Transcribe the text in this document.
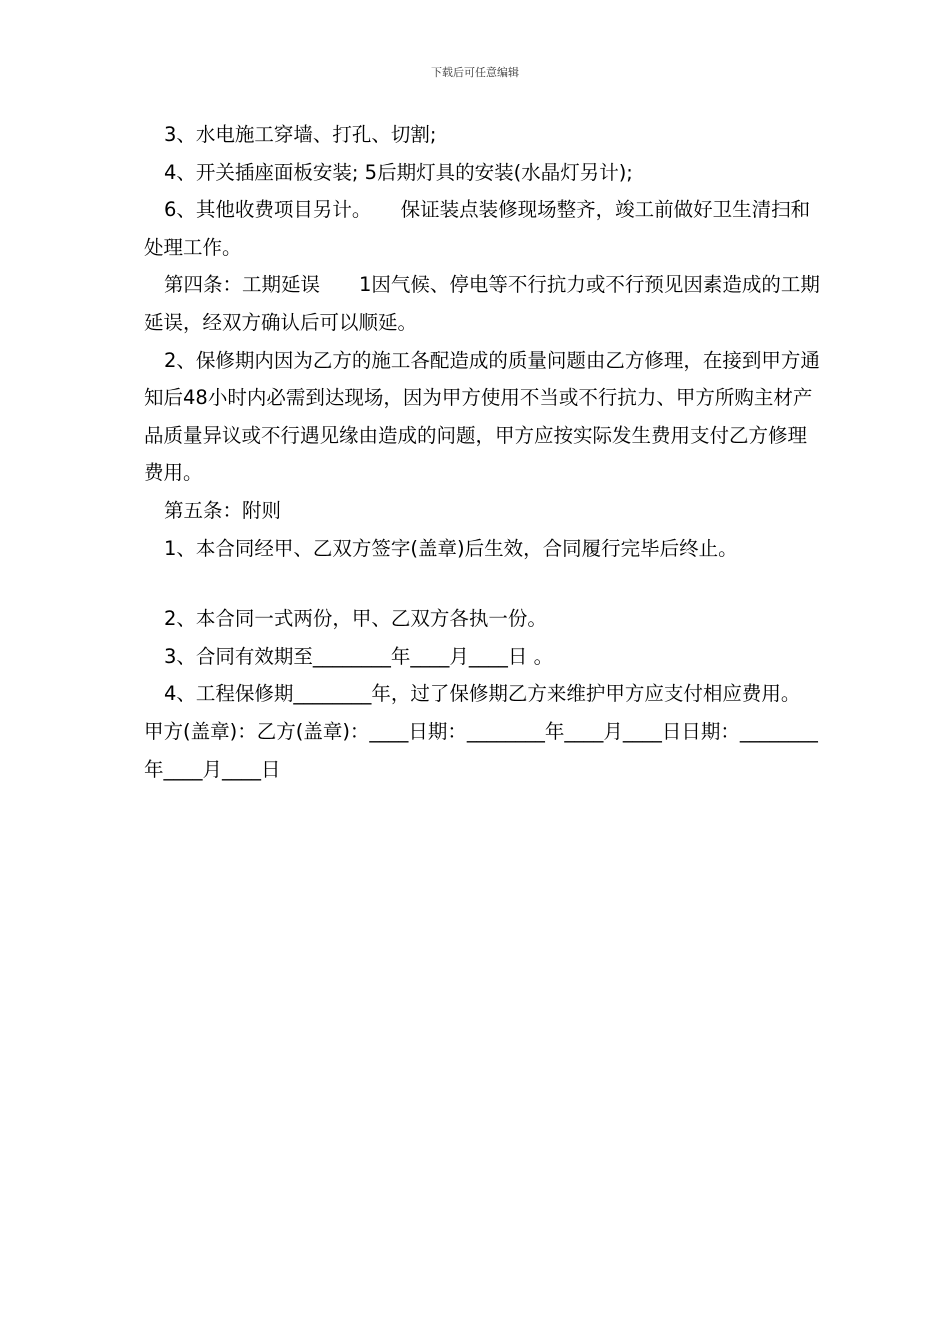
下载后可任意编辑

3、水电施工穿墙、打孔、切割;

4、开关插座面板安装; 5后期灯具的安装(水晶灯另计);

6、其他收费项目另计。　　保证装点装修现场整齐，竣工前做好卫生清扫和处理工作。

第四条：工期延误　　1因气候、停电等不行抗力或不行预见因素造成的工期延误，经双方确认后可以顺延。

2、保修期内因为乙方的施工各配造成的质量问题由乙方修理，在接到甲方通知后48小时内必需到达现场，因为甲方使用不当或不行抗力、甲方所购主材产品质量异议或不行遇见缘由造成的问题，甲方应按实际发生费用支付乙方修理费用。

第五条：附则

1、本合同经甲、乙双方签字(盖章)后生效，合同履行完毕后终止。

2、本合同一式两份，甲、乙双方各执一份。

3、合同有效期至________年____月____日 。

4、工程保修期________年，过了保修期乙方来维护甲方应支付相应费用。　　甲方(盖章)：乙方(盖章)：____日期：________年____月____日日期：________年____月____日
